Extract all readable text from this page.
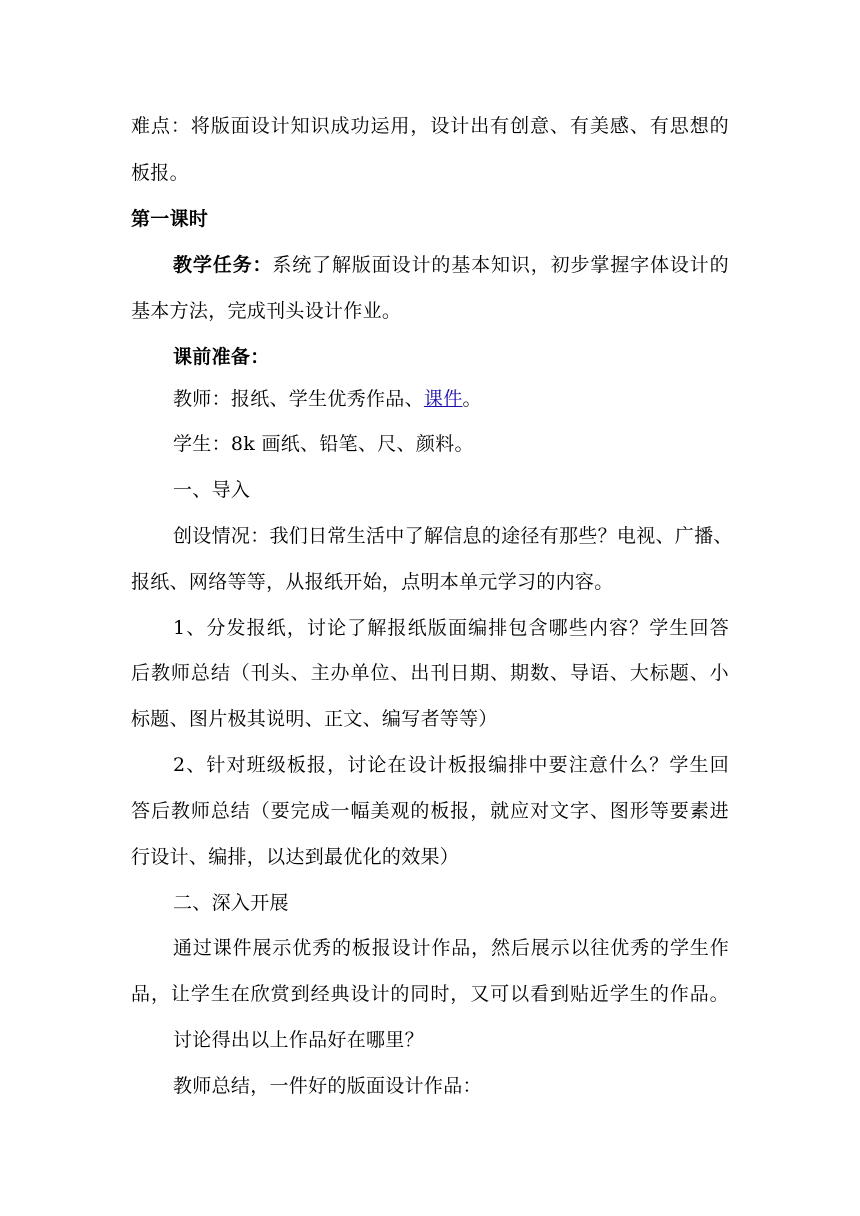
难点：将版面设计知识成功运用，设计出有创意、有美感、有思想的
板报。
第一课时
教学任务：系统了解版面设计的基本知识，初步掌握字体设计的
基本方法，完成刊头设计作业。
课前准备：
教师：报纸、学生优秀作品、课件。
学生：8k 画纸、铅笔、尺、颜料。
一、导入
创设情况：我们日常生活中了解信息的途径有那些？电视、广播、
报纸、网络等等，从报纸开始，点明本单元学习的内容。
1、分发报纸，讨论了解报纸版面编排包含哪些内容？学生回答
后教师总结（刊头、主办单位、出刊日期、期数、导语、大标题、小
标题、图片极其说明、正文、编写者等等）
2、针对班级板报，讨论在设计板报编排中要注意什么？学生回
答后教师总结（要完成一幅美观的板报，就应对文字、图形等要素进
行设计、编排，以达到最优化的效果）
二、深入开展
通过课件展示优秀的板报设计作品，然后展示以往优秀的学生作
品，让学生在欣赏到经典设计的同时，又可以看到贴近学生的作品。
讨论得出以上作品好在哪里？
教师总结，一件好的版面设计作品：
